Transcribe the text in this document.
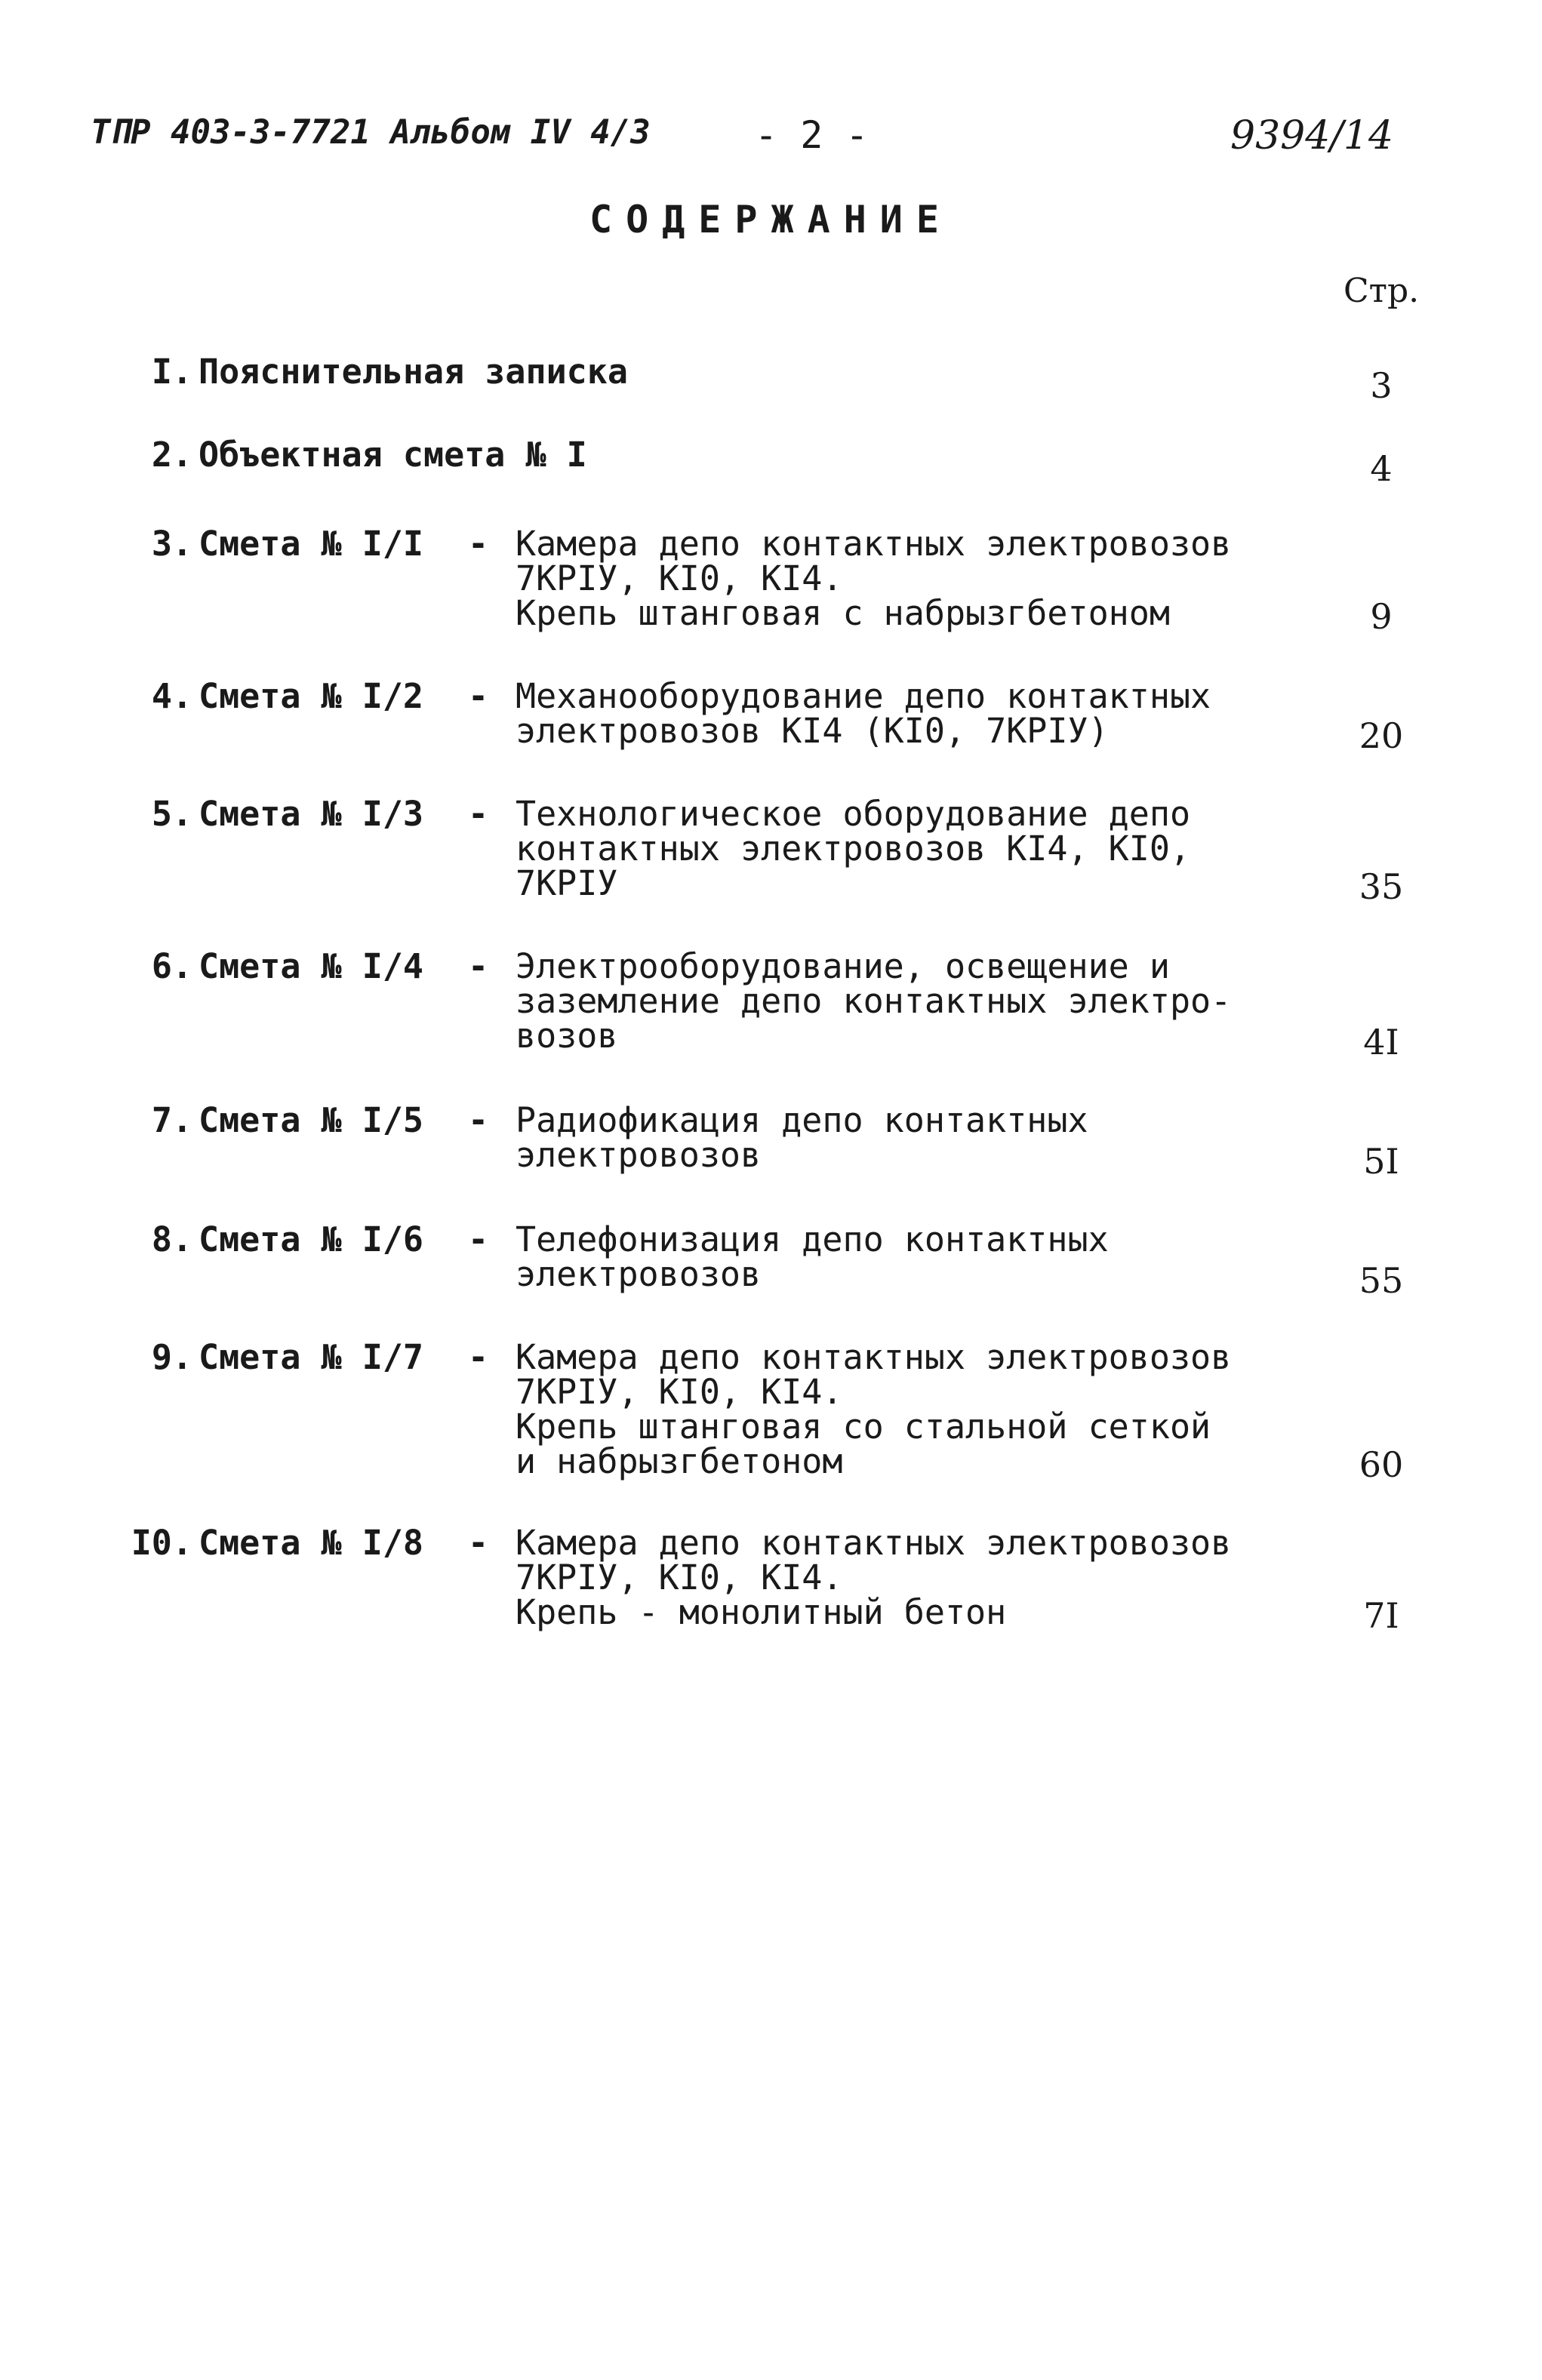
ТПР 403-3-7721 Альбом IV 4/3	- 2 -	9394/14
СОДЕРЖАНИЕ
Стр.
I. Пояснительная записка	3
2. Объектная смета № I	4
3. Смета № I/I - Камера депо контактных электровозов
7КРIУ, КI0, КI4.
Крепь штанговая с набрызгбетоном	9
4. Смета № I/2 - Механооборудование депо контактных
электровозов КI4 (КI0, 7КРIУ)	20
5. Смета № I/3 - Технологическое оборудование депо
контактных электровозов КI4, КI0,
7КРIУ	35
6. Смета № I/4 - Электрооборудование, освещение и
заземление депо контактных электро-
возов	4I
7. Смета № I/5 - Радиофикация депо контактных
электровозов	5I
8. Смета № I/6 - Телефонизация депо контактных
электровозов	55
9. Смета № I/7 - Камера депо контактных электровозов
7КРIУ, КI0, КI4.
Крепь штанговая со стальной сеткой
и набрызгбетоном	60
I0. Смета № I/8 - Камера депо контактных электровозов
7КРIУ, КI0, КI4.
Крепь - монолитный бетон	7I
